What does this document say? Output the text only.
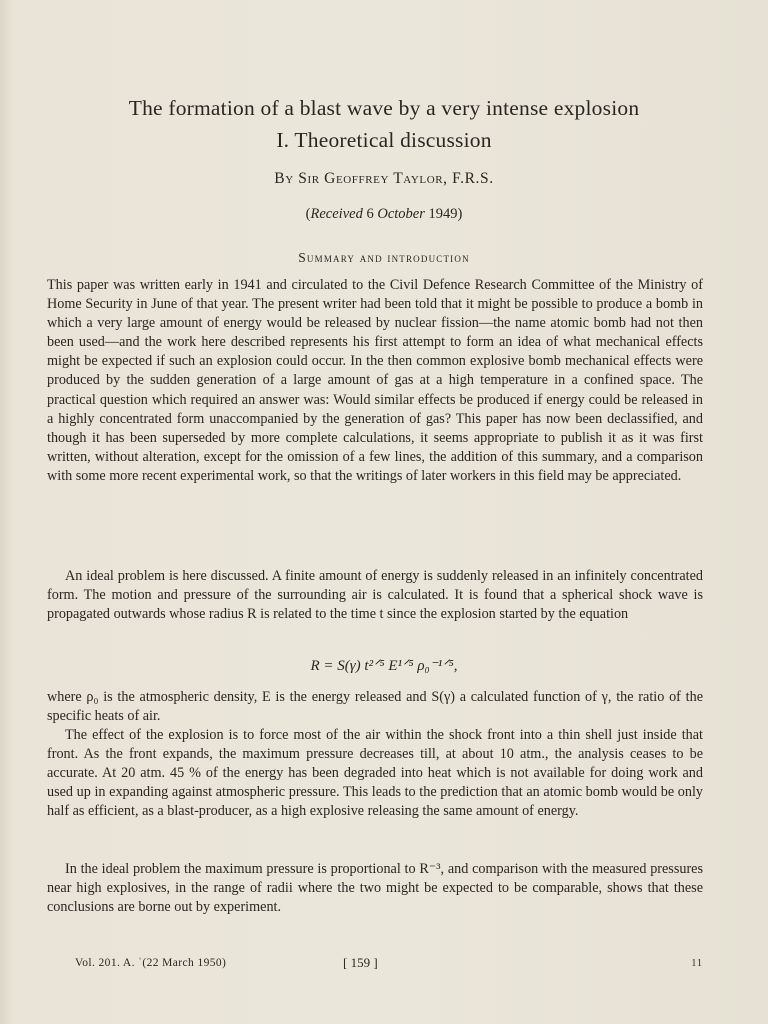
The formation of a blast wave by a very intense explosion
I. Theoretical discussion
By Sir Geoffrey Taylor, F.R.S.
(Received 6 October 1949)
Summary and introduction
This paper was written early in 1941 and circulated to the Civil Defence Research Committee of the Ministry of Home Security in June of that year. The present writer had been told that it might be possible to produce a bomb in which a very large amount of energy would be released by nuclear fission—the name atomic bomb had not then been used—and the work here described represents his first attempt to form an idea of what mechanical effects might be expected if such an explosion could occur. In the then common explosive bomb mechanical effects were produced by the sudden generation of a large amount of gas at a high temperature in a confined space. The practical question which required an answer was: Would similar effects be produced if energy could be released in a highly concentrated form unaccompanied by the generation of gas? This paper has now been declassified, and though it has been superseded by more complete calculations, it seems appropriate to publish it as it was first written, without alteration, except for the omission of a few lines, the addition of this summary, and a comparison with some more recent experimental work, so that the writings of later workers in this field may be appreciated.
An ideal problem is here discussed. A finite amount of energy is suddenly released in an infinitely concentrated form. The motion and pressure of the surrounding air is calculated. It is found that a spherical shock wave is propagated outwards whose radius R is related to the time t since the explosion started by the equation
R = S(γ) t²ᐟ⁵ E¹ᐟ⁵ ρ₀⁻¹ᐟ⁵,
where ρ₀ is the atmospheric density, E is the energy released and S(γ) a calculated function of γ, the ratio of the specific heats of air.
The effect of the explosion is to force most of the air within the shock front into a thin shell just inside that front. As the front expands, the maximum pressure decreases till, at about 10 atm., the analysis ceases to be accurate. At 20 atm. 45 % of the energy has been degraded into heat which is not available for doing work and used up in expanding against atmospheric pressure. This leads to the prediction that an atomic bomb would be only half as efficient, as a blast-producer, as a high explosive releasing the same amount of energy.
In the ideal problem the maximum pressure is proportional to R⁻³, and comparison with the measured pressures near high explosives, in the range of radii where the two might be expected to be comparable, shows that these conclusions are borne out by experiment.
Vol. 201. A. ˈ(22 March 1950)	[ 159 ]	11
